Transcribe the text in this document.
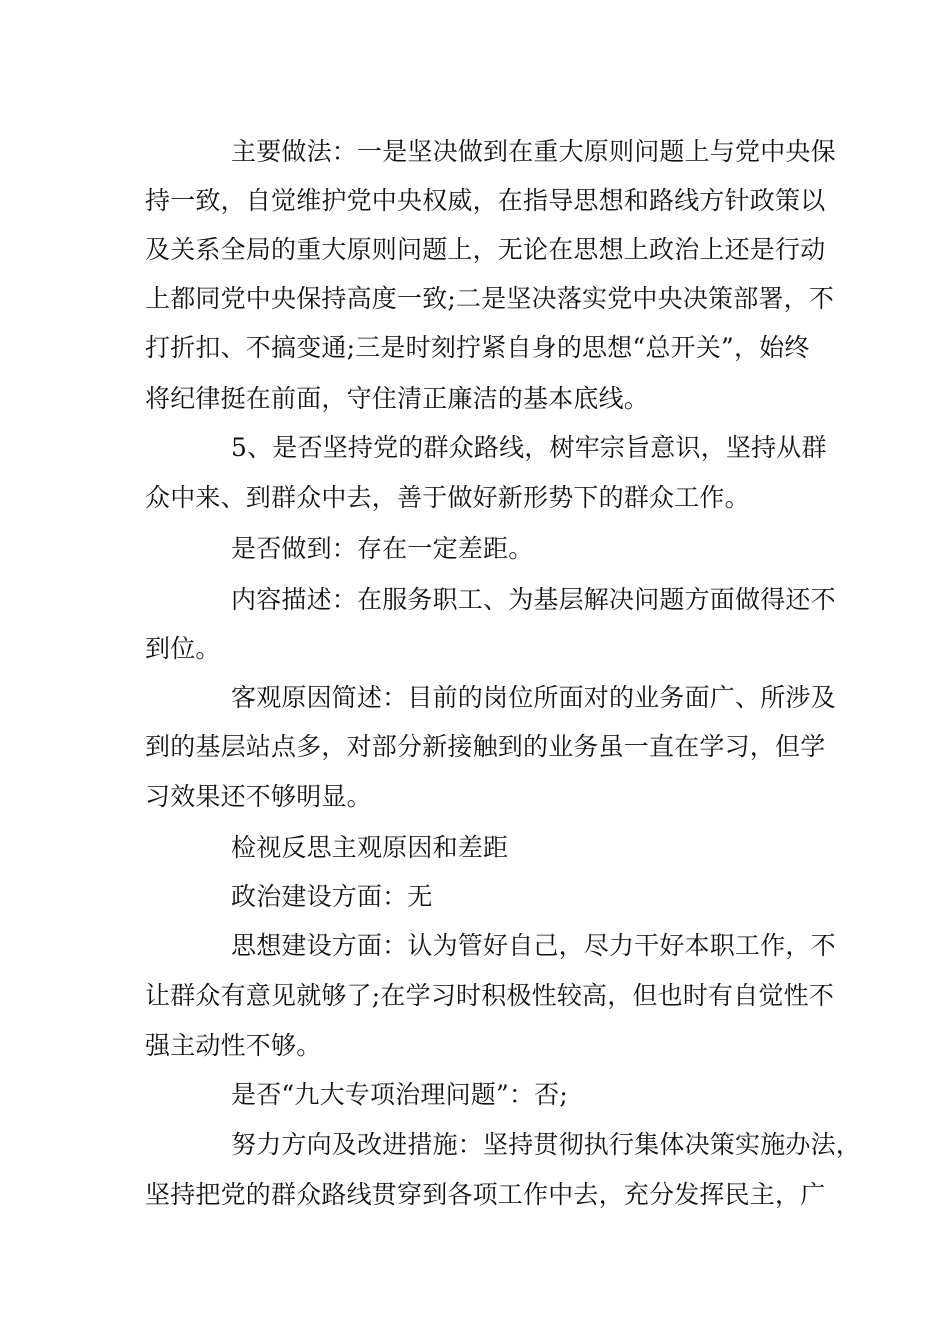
主要做法：一是坚决做到在重大原则问题上与党中央保
持一致，自觉维护党中央权威，在指导思想和路线方针政策以
及关系全局的重大原则问题上，无论在思想上政治上还是行动
上都同党中央保持高度一致;二是坚决落实党中央决策部署，不
打折扣、不搞变通;三是时刻拧紧自身的思想“总开关”，始终
将纪律挺在前面，守住清正廉洁的基本底线。
5、是否坚持党的群众路线，树牢宗旨意识，坚持从群
众中来、到群众中去，善于做好新形势下的群众工作。
是否做到：存在一定差距。
内容描述：在服务职工、为基层解决问题方面做得还不
到位。
客观原因简述：目前的岗位所面对的业务面广、所涉及
到的基层站点多，对部分新接触到的业务虽一直在学习，但学
习效果还不够明显。
检视反思主观原因和差距
政治建设方面：无
思想建设方面：认为管好自己，尽力干好本职工作，不
让群众有意见就够了;在学习时积极性较高，但也时有自觉性不
强主动性不够。
是否“九大专项治理问题”：否;
努力方向及改进措施：坚持贯彻执行集体决策实施办法，
坚持把党的群众路线贯穿到各项工作中去，充分发挥民主，广
